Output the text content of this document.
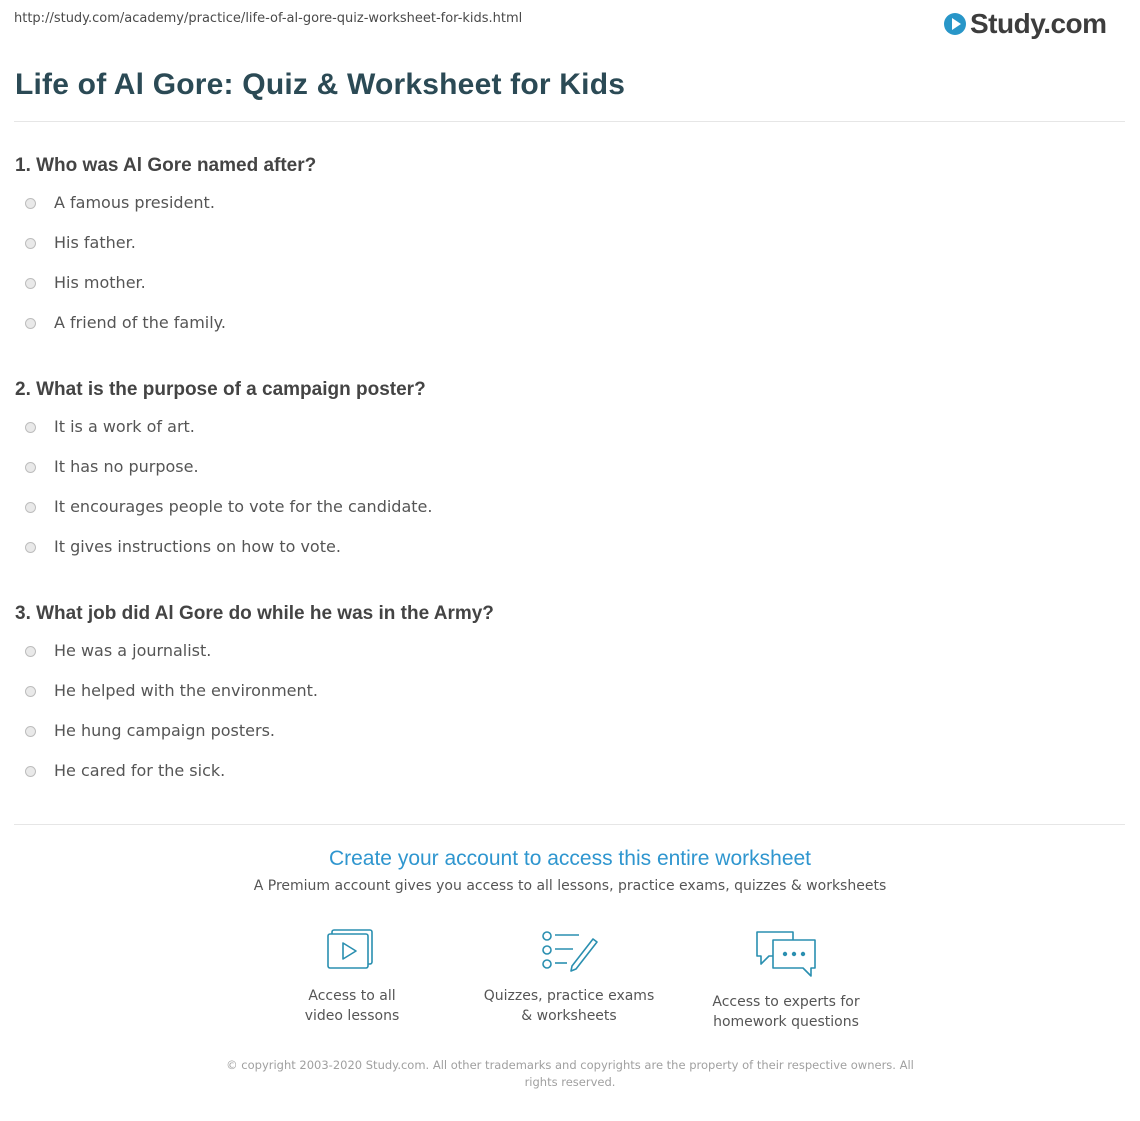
http://study.com/academy/practice/life-of-al-gore-quiz-worksheet-for-kids.html	Study.com
Life of Al Gore: Quiz & Worksheet for Kids
1. Who was Al Gore named after?
A famous president.
His father.
His mother.
A friend of the family.
2. What is the purpose of a campaign poster?
It is a work of art.
It has no purpose.
It encourages people to vote for the candidate.
It gives instructions on how to vote.
3. What job did Al Gore do while he was in the Army?
He was a journalist.
He helped with the environment.
He hung campaign posters.
He cared for the sick.
Create your account to access this entire worksheet
A Premium account gives you access to all lessons, practice exams, quizzes & worksheets
Access to all
video lessons
Quizzes, practice exams
& worksheets
Access to experts for
homework questions
© copyright 2003-2020 Study.com. All other trademarks and copyrights are the property of their respective owners. All rights reserved.
